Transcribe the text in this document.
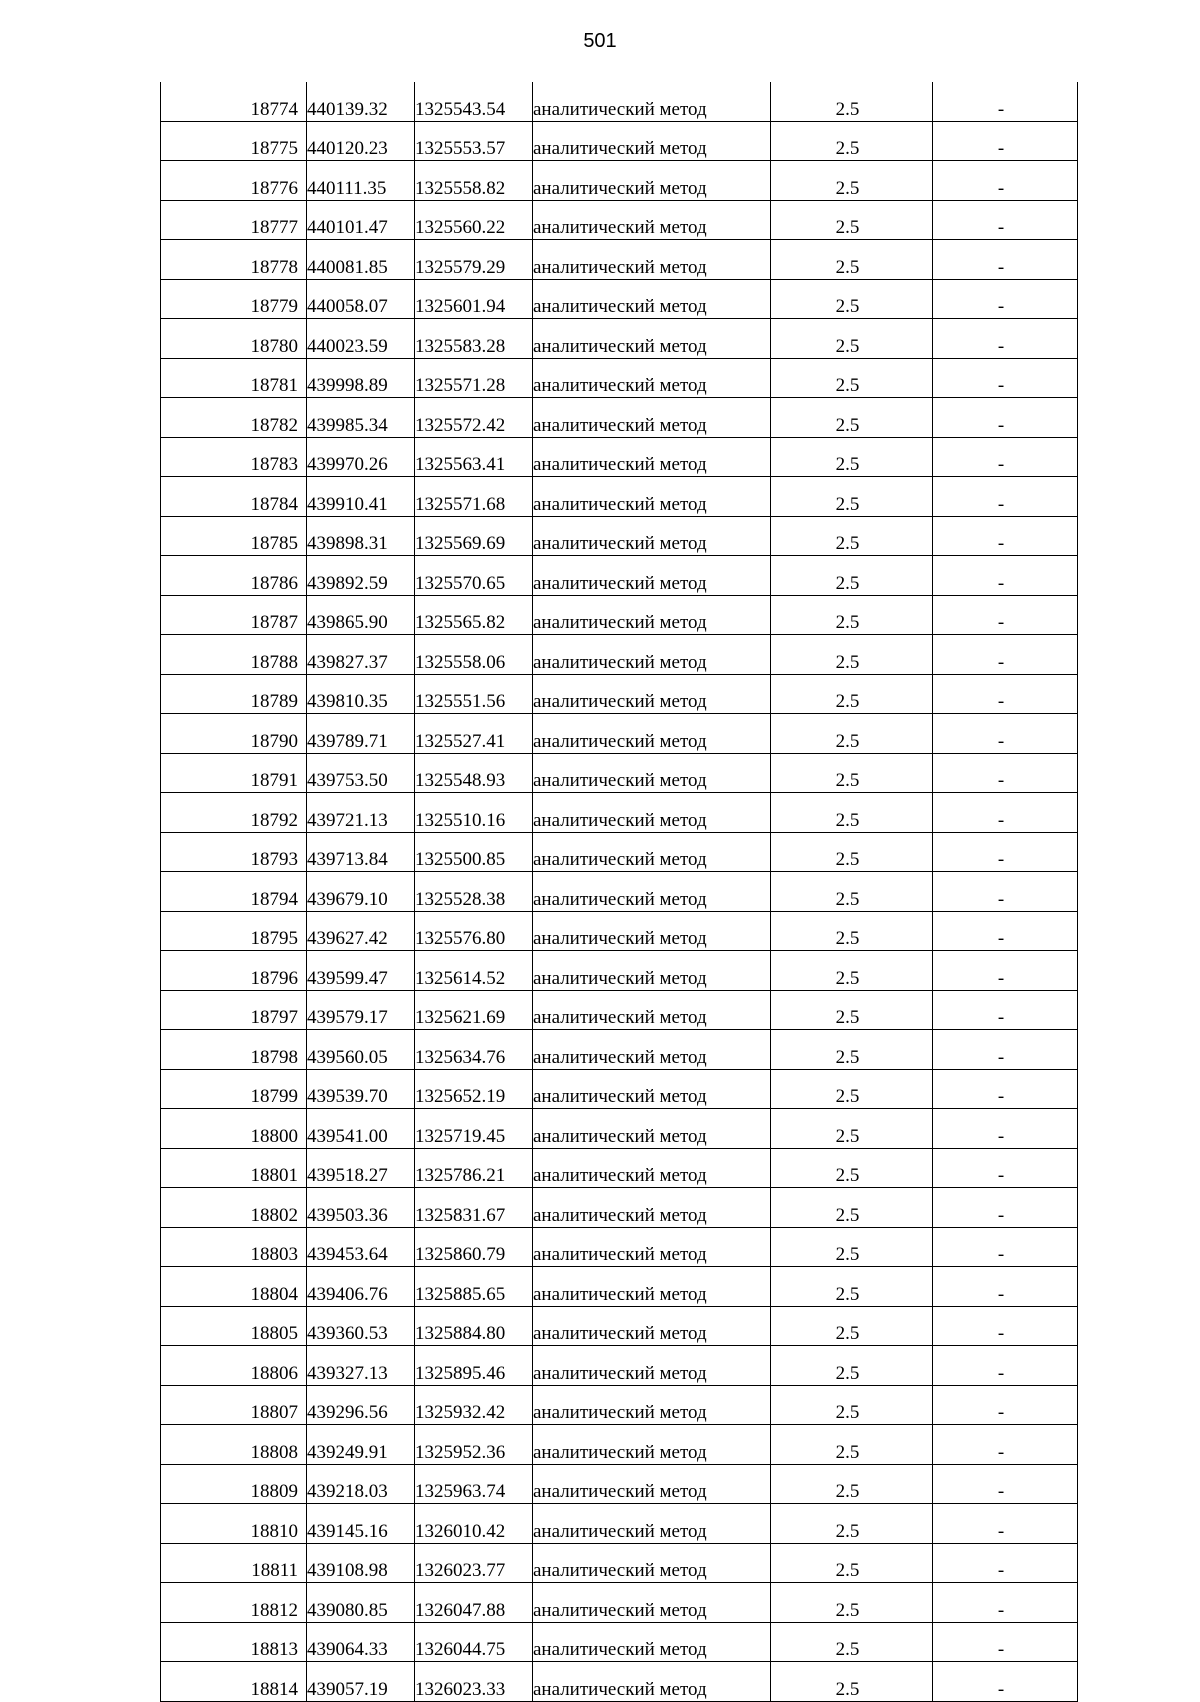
501
18774	440139.32	1325543.54	аналитический метод	2.5	-
18775	440120.23	1325553.57	аналитический метод	2.5	-
18776	440111.35	1325558.82	аналитический метод	2.5	-
18777	440101.47	1325560.22	аналитический метод	2.5	-
18778	440081.85	1325579.29	аналитический метод	2.5	-
18779	440058.07	1325601.94	аналитический метод	2.5	-
18780	440023.59	1325583.28	аналитический метод	2.5	-
18781	439998.89	1325571.28	аналитический метод	2.5	-
18782	439985.34	1325572.42	аналитический метод	2.5	-
18783	439970.26	1325563.41	аналитический метод	2.5	-
18784	439910.41	1325571.68	аналитический метод	2.5	-
18785	439898.31	1325569.69	аналитический метод	2.5	-
18786	439892.59	1325570.65	аналитический метод	2.5	-
18787	439865.90	1325565.82	аналитический метод	2.5	-
18788	439827.37	1325558.06	аналитический метод	2.5	-
18789	439810.35	1325551.56	аналитический метод	2.5	-
18790	439789.71	1325527.41	аналитический метод	2.5	-
18791	439753.50	1325548.93	аналитический метод	2.5	-
18792	439721.13	1325510.16	аналитический метод	2.5	-
18793	439713.84	1325500.85	аналитический метод	2.5	-
18794	439679.10	1325528.38	аналитический метод	2.5	-
18795	439627.42	1325576.80	аналитический метод	2.5	-
18796	439599.47	1325614.52	аналитический метод	2.5	-
18797	439579.17	1325621.69	аналитический метод	2.5	-
18798	439560.05	1325634.76	аналитический метод	2.5	-
18799	439539.70	1325652.19	аналитический метод	2.5	-
18800	439541.00	1325719.45	аналитический метод	2.5	-
18801	439518.27	1325786.21	аналитический метод	2.5	-
18802	439503.36	1325831.67	аналитический метод	2.5	-
18803	439453.64	1325860.79	аналитический метод	2.5	-
18804	439406.76	1325885.65	аналитический метод	2.5	-
18805	439360.53	1325884.80	аналитический метод	2.5	-
18806	439327.13	1325895.46	аналитический метод	2.5	-
18807	439296.56	1325932.42	аналитический метод	2.5	-
18808	439249.91	1325952.36	аналитический метод	2.5	-
18809	439218.03	1325963.74	аналитический метод	2.5	-
18810	439145.16	1326010.42	аналитический метод	2.5	-
18811	439108.98	1326023.77	аналитический метод	2.5	-
18812	439080.85	1326047.88	аналитический метод	2.5	-
18813	439064.33	1326044.75	аналитический метод	2.5	-
18814	439057.19	1326023.33	аналитический метод	2.5	-
